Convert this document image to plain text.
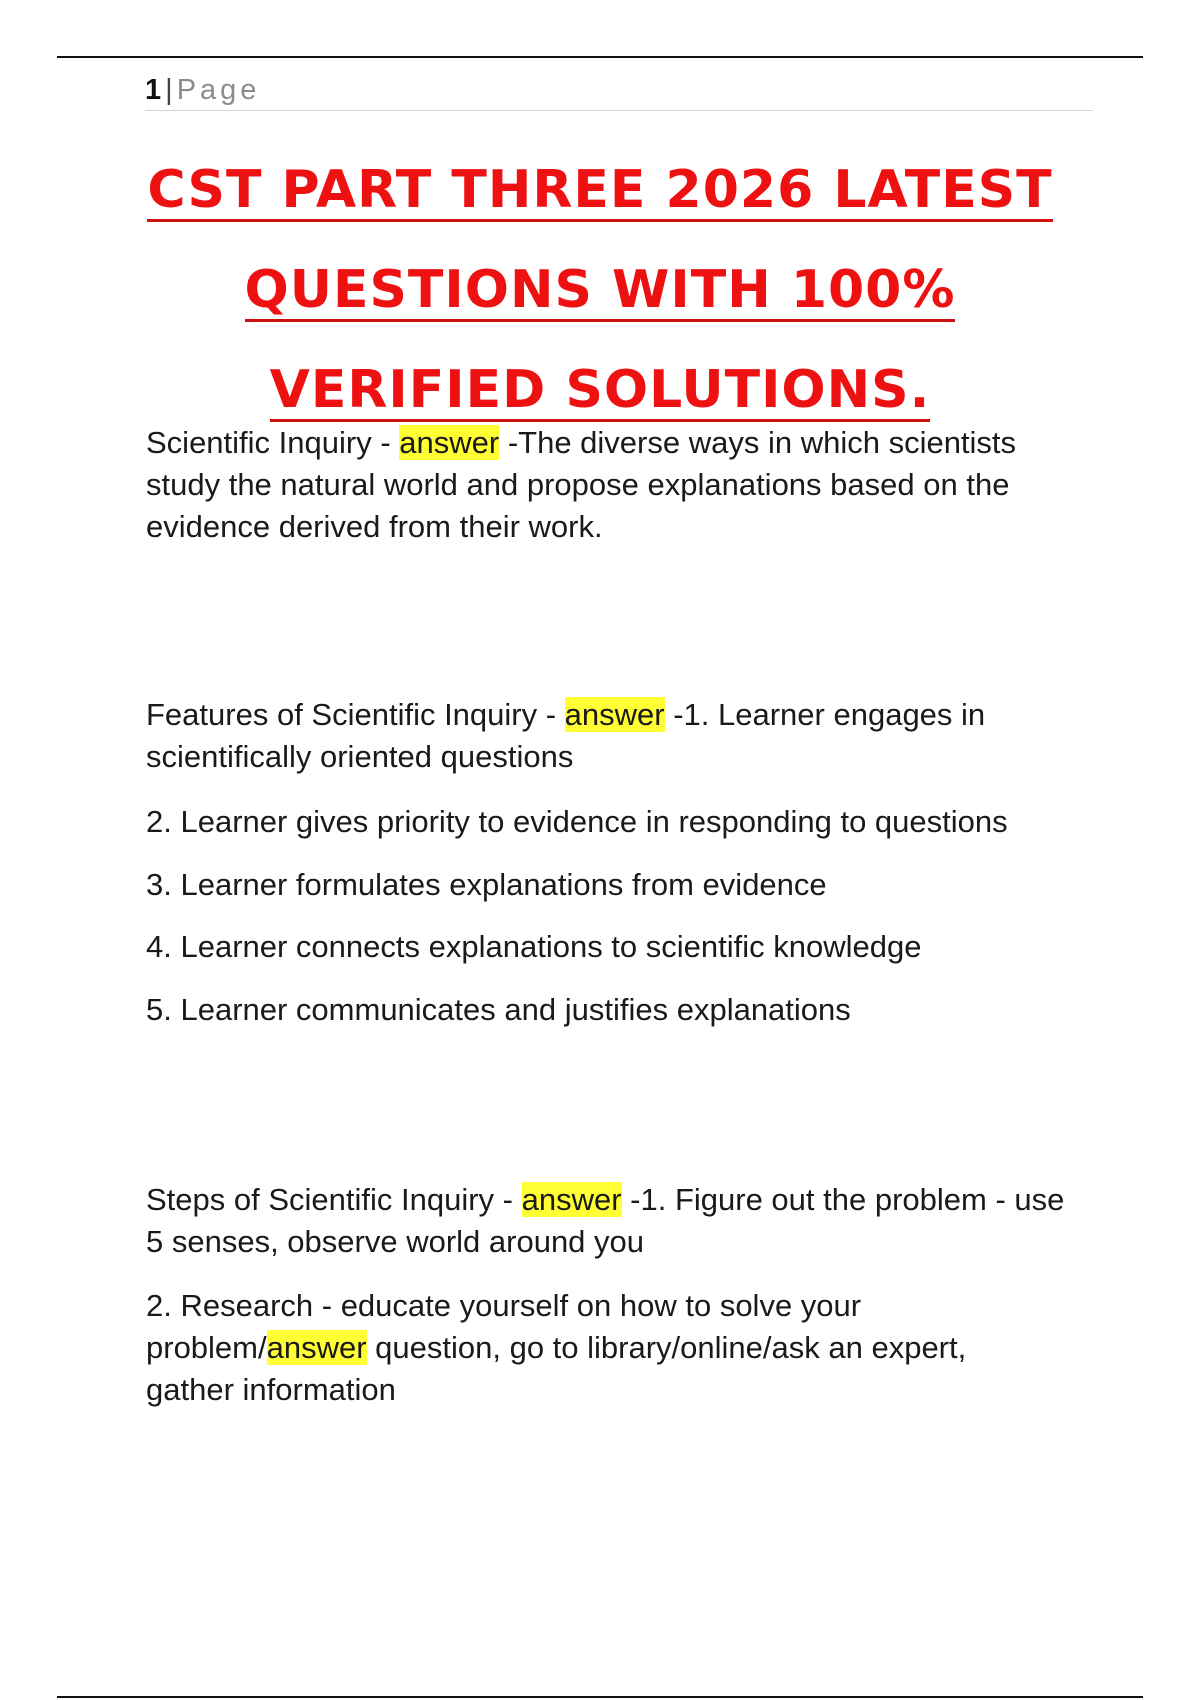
1 | Page
CST PART THREE 2026 LATEST
QUESTIONS WITH 100%
VERIFIED SOLUTIONS.

Scientific Inquiry - answer -The diverse ways in which scientists study the natural world and propose explanations based on the evidence derived from their work.

Features of Scientific Inquiry - answer -1. Learner engages in scientifically oriented questions

2. Learner gives priority to evidence in responding to questions

3. Learner formulates explanations from evidence

4. Learner connects explanations to scientific knowledge

5. Learner communicates and justifies explanations

Steps of Scientific Inquiry - answer -1. Figure out the problem - use 5 senses, observe world around you

2. Research - educate yourself on how to solve your problem/answer question, go to library/online/ask an expert, gather information
